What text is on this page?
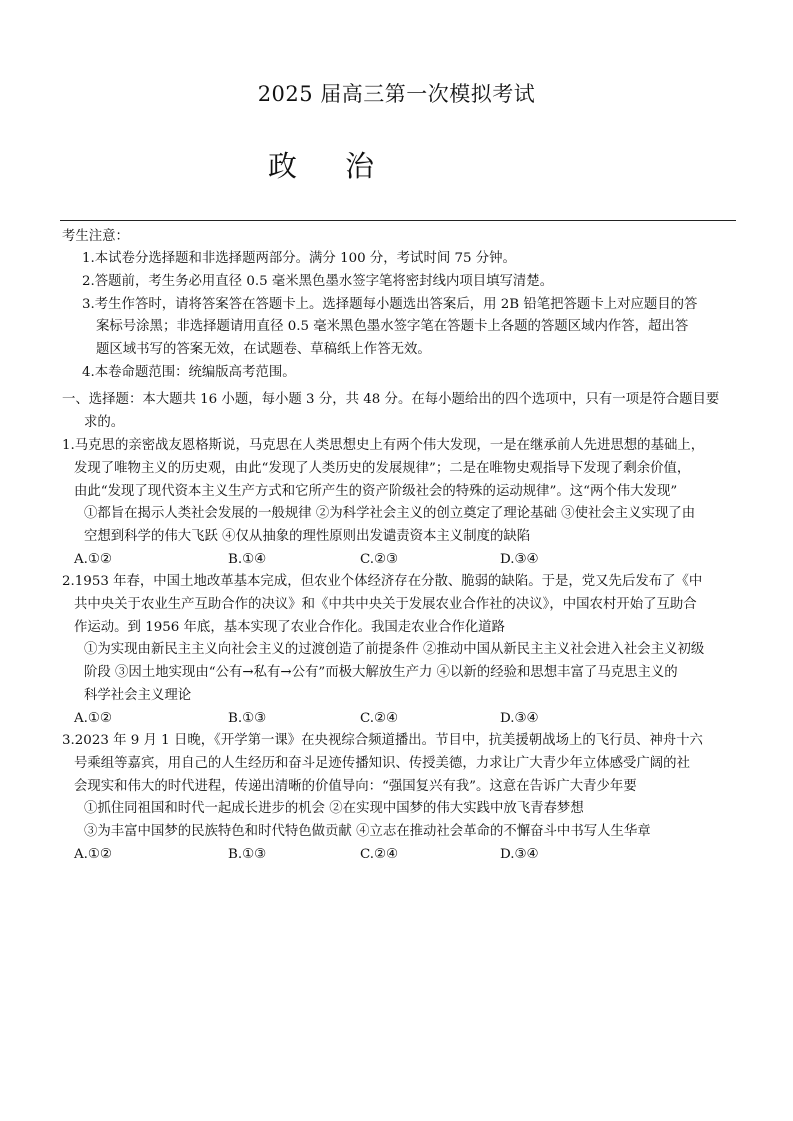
2025 届高三第一次模拟考试
政 治
考生注意：
1.本试卷分选择题和非选择题两部分。满分 100 分，考试时间 75 分钟。
2.答题前，考生务必用直径 0.5 毫米黑色墨水签字笔将密封线内项目填写清楚。
3.考生作答时，请将答案答在答题卡上。选择题每小题选出答案后，用 2B 铅笔把答题卡上对应题目的答
案标号涂黑；非选择题请用直径 0.5 毫米黑色墨水签字笔在答题卡上各题的答题区域内作答，超出答
题区域书写的答案无效，在试题卷、草稿纸上作答无效。
4.本卷命题范围：统编版高考范围。
一、选择题：本大题共 16 小题，每小题 3 分，共 48 分。在每小题给出的四个选项中，只有一项是符合题目要
求的。
1.马克思的亲密战友恩格斯说，马克思在人类思想史上有两个伟大发现，一是在继承前人先进思想的基础上，
发现了唯物主义的历史观，由此“发现了人类历史的发展规律”；二是在唯物史观指导下发现了剩余价值，
由此“发现了现代资本主义生产方式和它所产生的资产阶级社会的特殊的运动规律”。这“两个伟大发现”
①都旨在揭示人类社会发展的一般规律 ②为科学社会主义的创立奠定了理论基础 ③使社会主义实现了由
空想到科学的伟大飞跃 ④仅从抽象的理性原则出发谴责资本主义制度的缺陷
A.①②	B.①④	C.②③	D.③④
2.1953 年春，中国土地改革基本完成，但农业个体经济存在分散、脆弱的缺陷。于是，党又先后发布了《中
共中央关于农业生产互助合作的决议》和《中共中央关于发展农业合作社的决议》，中国农村开始了互助合
作运动。到 1956 年底，基本实现了农业合作化。我国走农业合作化道路
①为实现由新民主主义向社会主义的过渡创造了前提条件 ②推动中国从新民主主义社会进入社会主义初级
阶段 ③因土地实现由“公有→私有→公有”而极大解放生产力 ④以新的经验和思想丰富了马克思主义的
科学社会主义理论
A.①②	B.①③	C.②④	D.③④
3.2023 年 9 月 1 日晚，《开学第一课》在央视综合频道播出。节目中，抗美援朝战场上的飞行员、神舟十六
号乘组等嘉宾，用自己的人生经历和奋斗足迹传播知识、传授美德，力求让广大青少年立体感受广阔的社
会现实和伟大的时代进程，传递出清晰的价值导向：“强国复兴有我”。这意在告诉广大青少年要
①抓住同祖国和时代一起成长进步的机会 ②在实现中国梦的伟大实践中放飞青春梦想
③为丰富中国梦的民族特色和时代特色做贡献 ④立志在推动社会革命的不懈奋斗中书写人生华章
A.①②	B.①③	C.②④	D.③④
